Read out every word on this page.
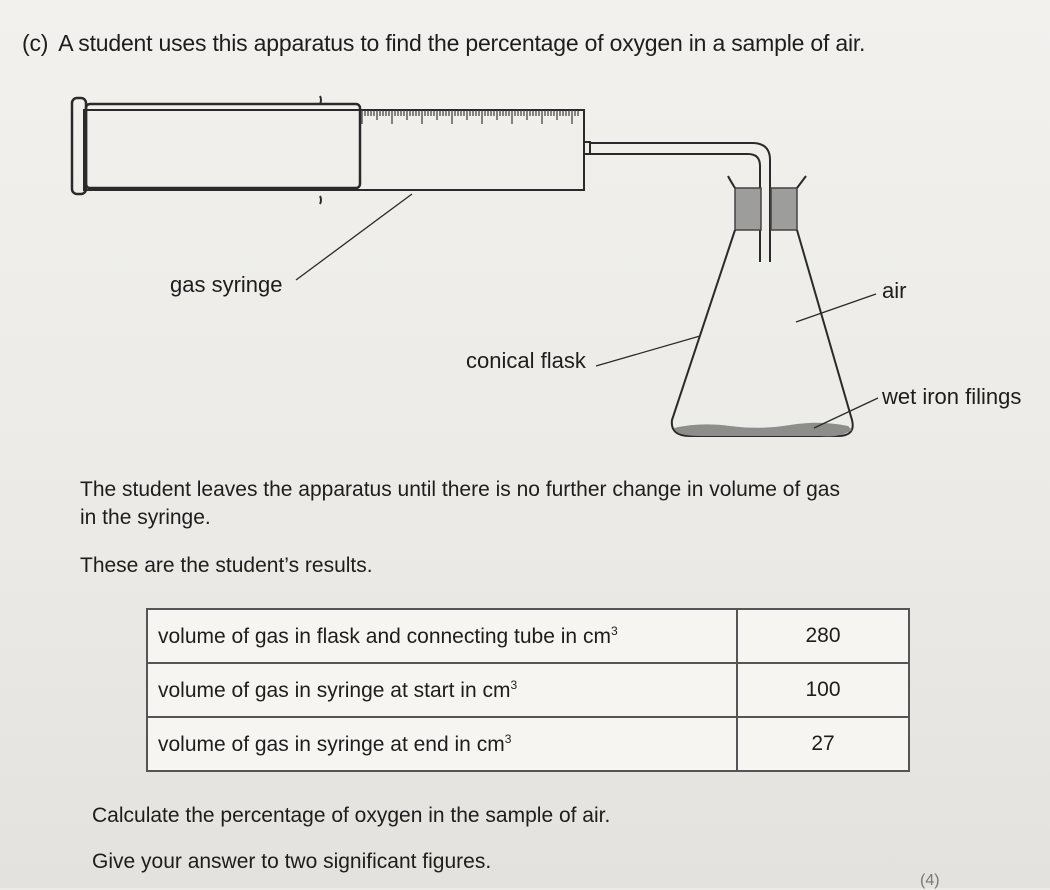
(c) A student uses this apparatus to find the percentage of oxygen in a sample of air.
gas syringe
conical flask
air
wet iron filings
The student leaves the apparatus until there is no further change in volume of gas
in the syringe.
These are the student’s results.
volume of gas in flask and connecting tube in $cm^3$	280
volume of gas in syringe at start in $cm^3$	100
volume of gas in syringe at end in $cm^3$	27
Calculate the percentage of oxygen in the sample of air.
Give your answer to two significant figures.
(4)
